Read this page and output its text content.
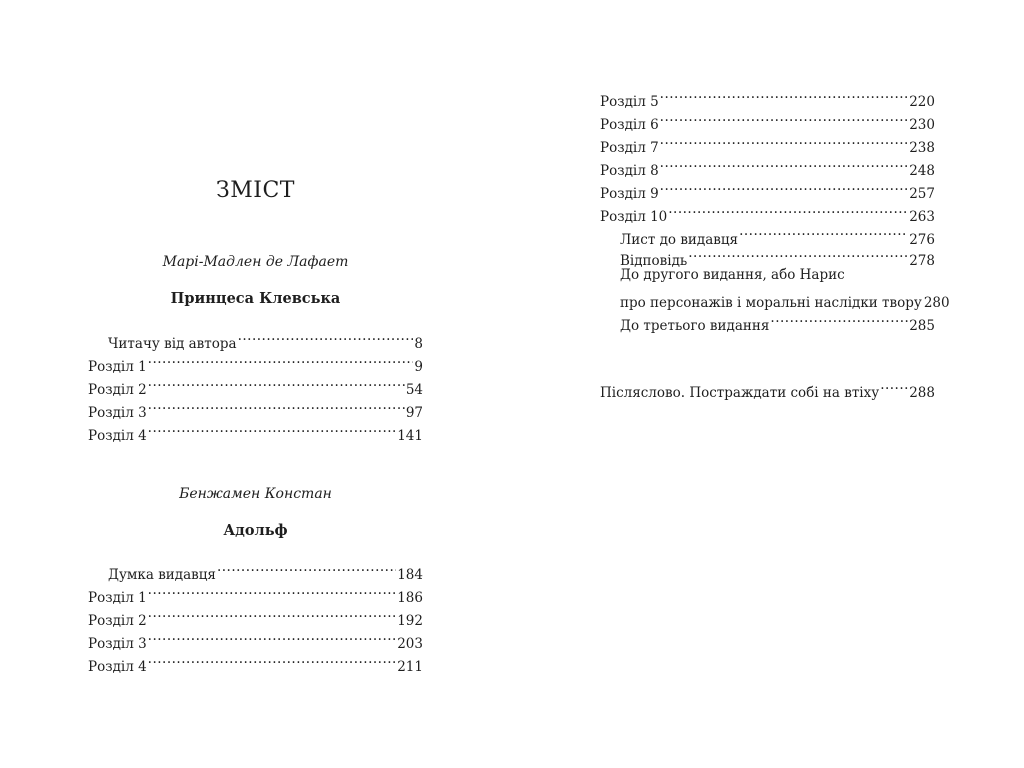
ЗМІСТ
Марі-Мадлен де Лафает
Принцеса Клевська
Читачу від автора .....	8
Розділ 1 .....	9
Розділ 2 .....	54
Розділ 3 .....	97
Розділ 4 .....	141
Бенжамен Констан
Адольф
Думка видавця .....	184
Розділ 1 .....	186
Розділ 2 .....	192
Розділ 3 .....	203
Розділ 4 .....	211
Розділ 5 .....	220
Розділ 6 .....	230
Розділ 7 .....	238
Розділ 8 .....	248
Розділ 9 .....	257
Розділ 10 .....	263
Лист до видавця .....	276
Відповідь .....	278
До другого видання, або Нарис
про персонажів і моральні наслідки твору 280
До третього видання .....	285
Післяслово. Постраждати собі на втіху ..... 288
